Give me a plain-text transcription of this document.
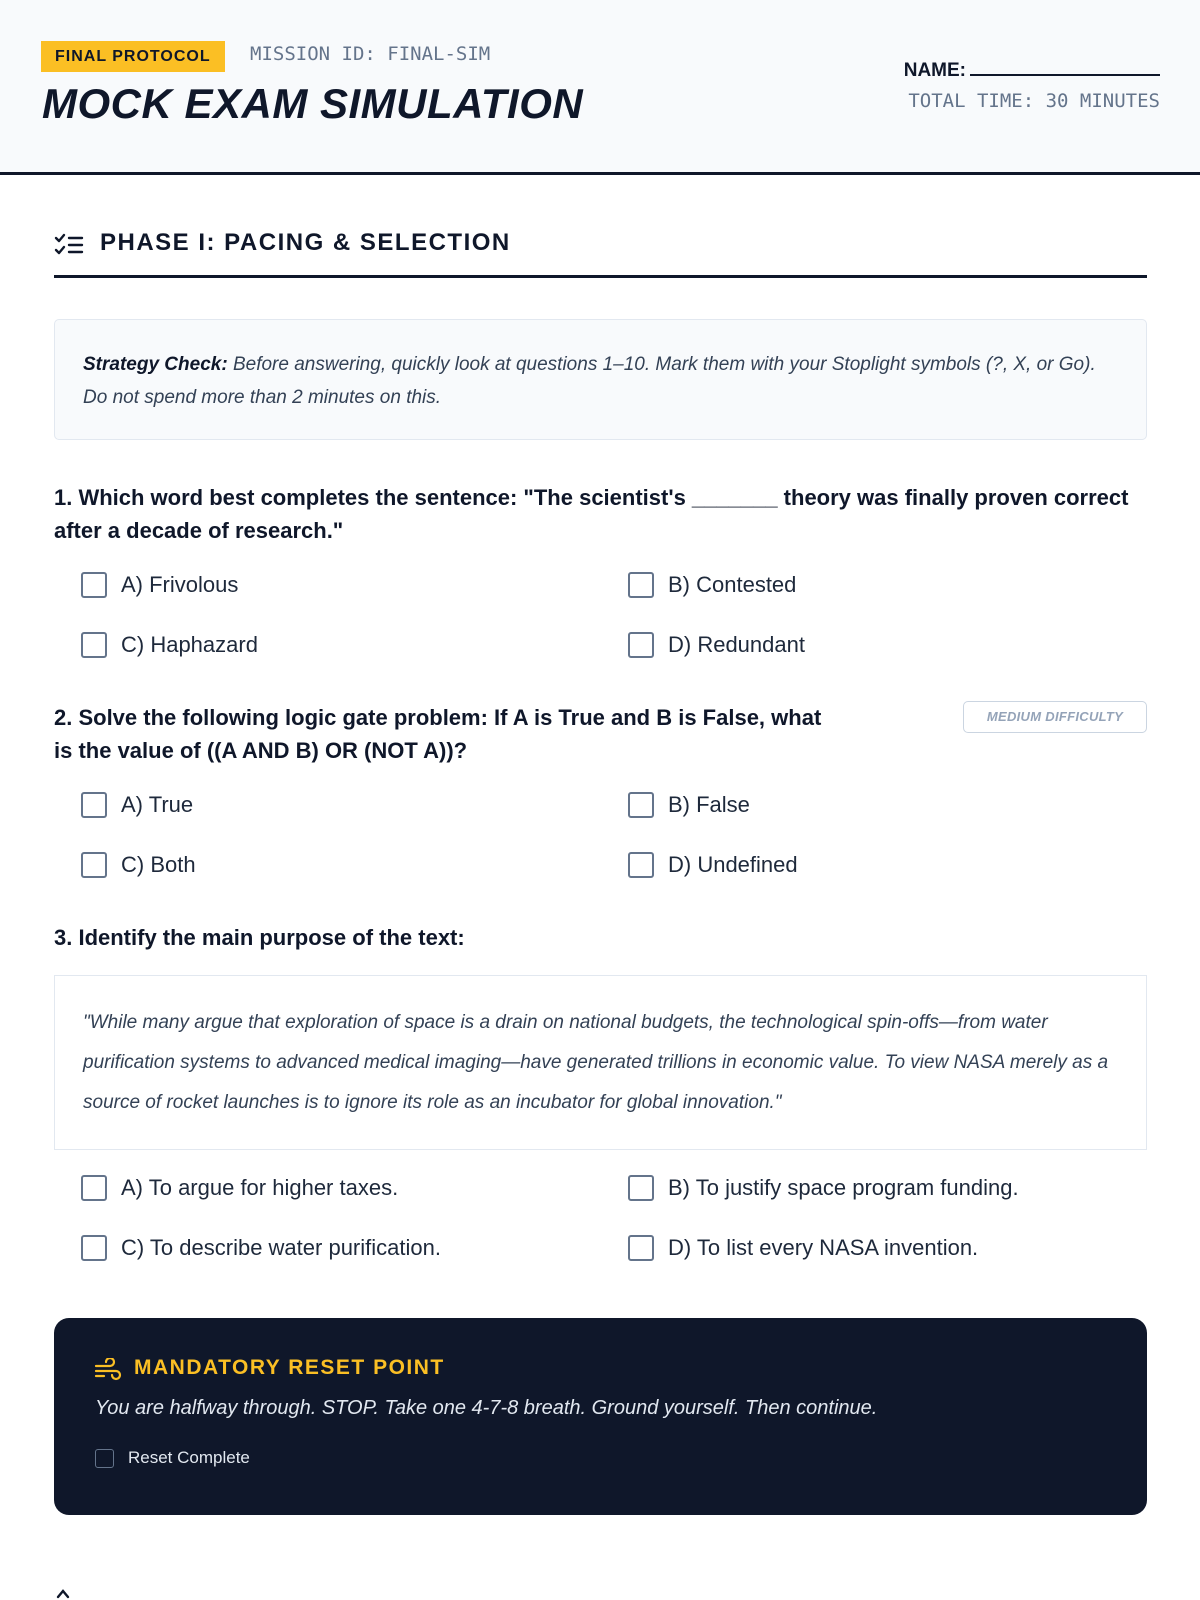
FINAL PROTOCOL	MISSION ID: FINAL-SIM
MOCK EXAM SIMULATION
NAME:
TOTAL TIME: 30 MINUTES
PHASE I: PACING & SELECTION
Strategy Check: Before answering, quickly look at questions 1–10. Mark them with your Stoplight symbols (?, X, or Go). Do not spend more than 2 minutes on this.
1. Which word best completes the sentence: "The scientist's _______ theory was finally proven correct after a decade of research."
A) Frivolous	B) Contested
C) Haphazard	D) Redundant
2. Solve the following logic gate problem: If A is True and B is False, what is the value of ((A AND B) OR (NOT A))?
MEDIUM DIFFICULTY
A) True	B) False
C) Both	D) Undefined
3. Identify the main purpose of the text:
"While many argue that exploration of space is a drain on national budgets, the technological spin-offs—from water purification systems to advanced medical imaging—have generated trillions in economic value. To view NASA merely as a source of rocket launches is to ignore its role as an incubator for global innovation."
A) To argue for higher taxes.	B) To justify space program funding.
C) To describe water purification.	D) To list every NASA invention.
MANDATORY RESET POINT
You are halfway through. STOP. Take one 4-7-8 breath. Ground yourself. Then continue.
Reset Complete
